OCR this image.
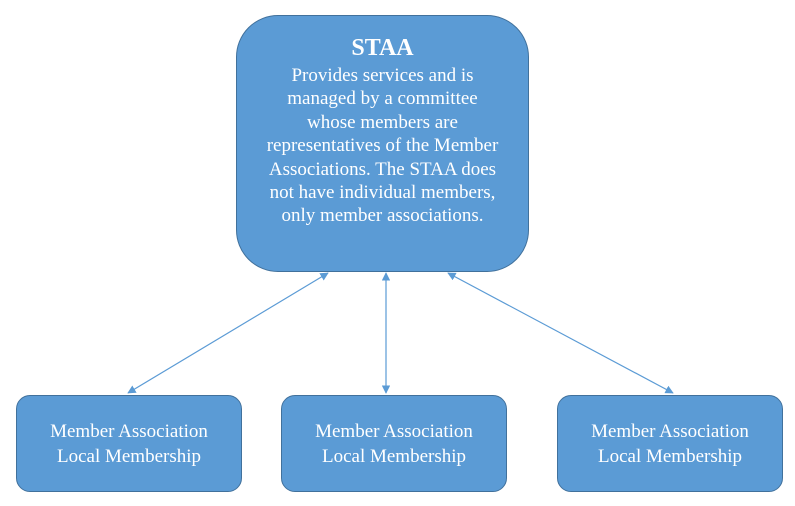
STAA
Provides services and is managed by a committee whose members are representatives of the Member Associations. The STAA does not have individual members, only member associations.
Member Association
Local Membership
Member Association
Local Membership
Member Association
Local Membership
